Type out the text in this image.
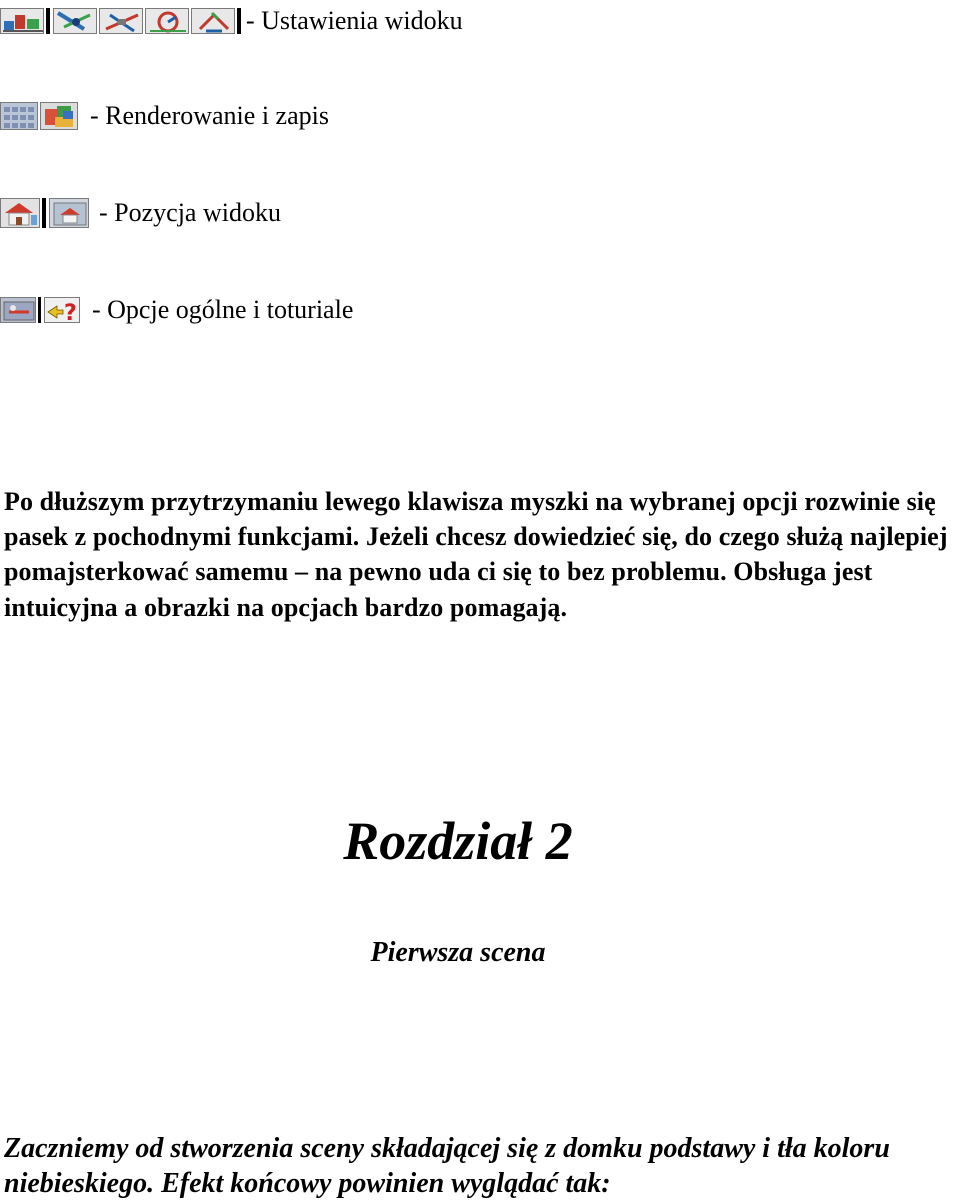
- Ustawienia widoku
- Renderowanie i zapis
- Pozycja widoku
? - Opcje ogólne i toturiale

Po dłuższym przytrzymaniu lewego klawisza myszki na wybranej opcji rozwinie się pasek z pochodnymi funkcjami. Jeżeli chcesz dowiedzieć się, do czego służą najlepiej pomajsterkować samemu – na pewno uda ci się to bez problemu. Obsługa jest intuicyjna a obrazki na opcjach bardzo pomagają.

Rozdział 2
Pierwsza scena

Zaczniemy od stworzenia sceny składającej się z domku podstawy i tła koloru niebieskiego. Efekt końcowy powinien wyglądać tak:
